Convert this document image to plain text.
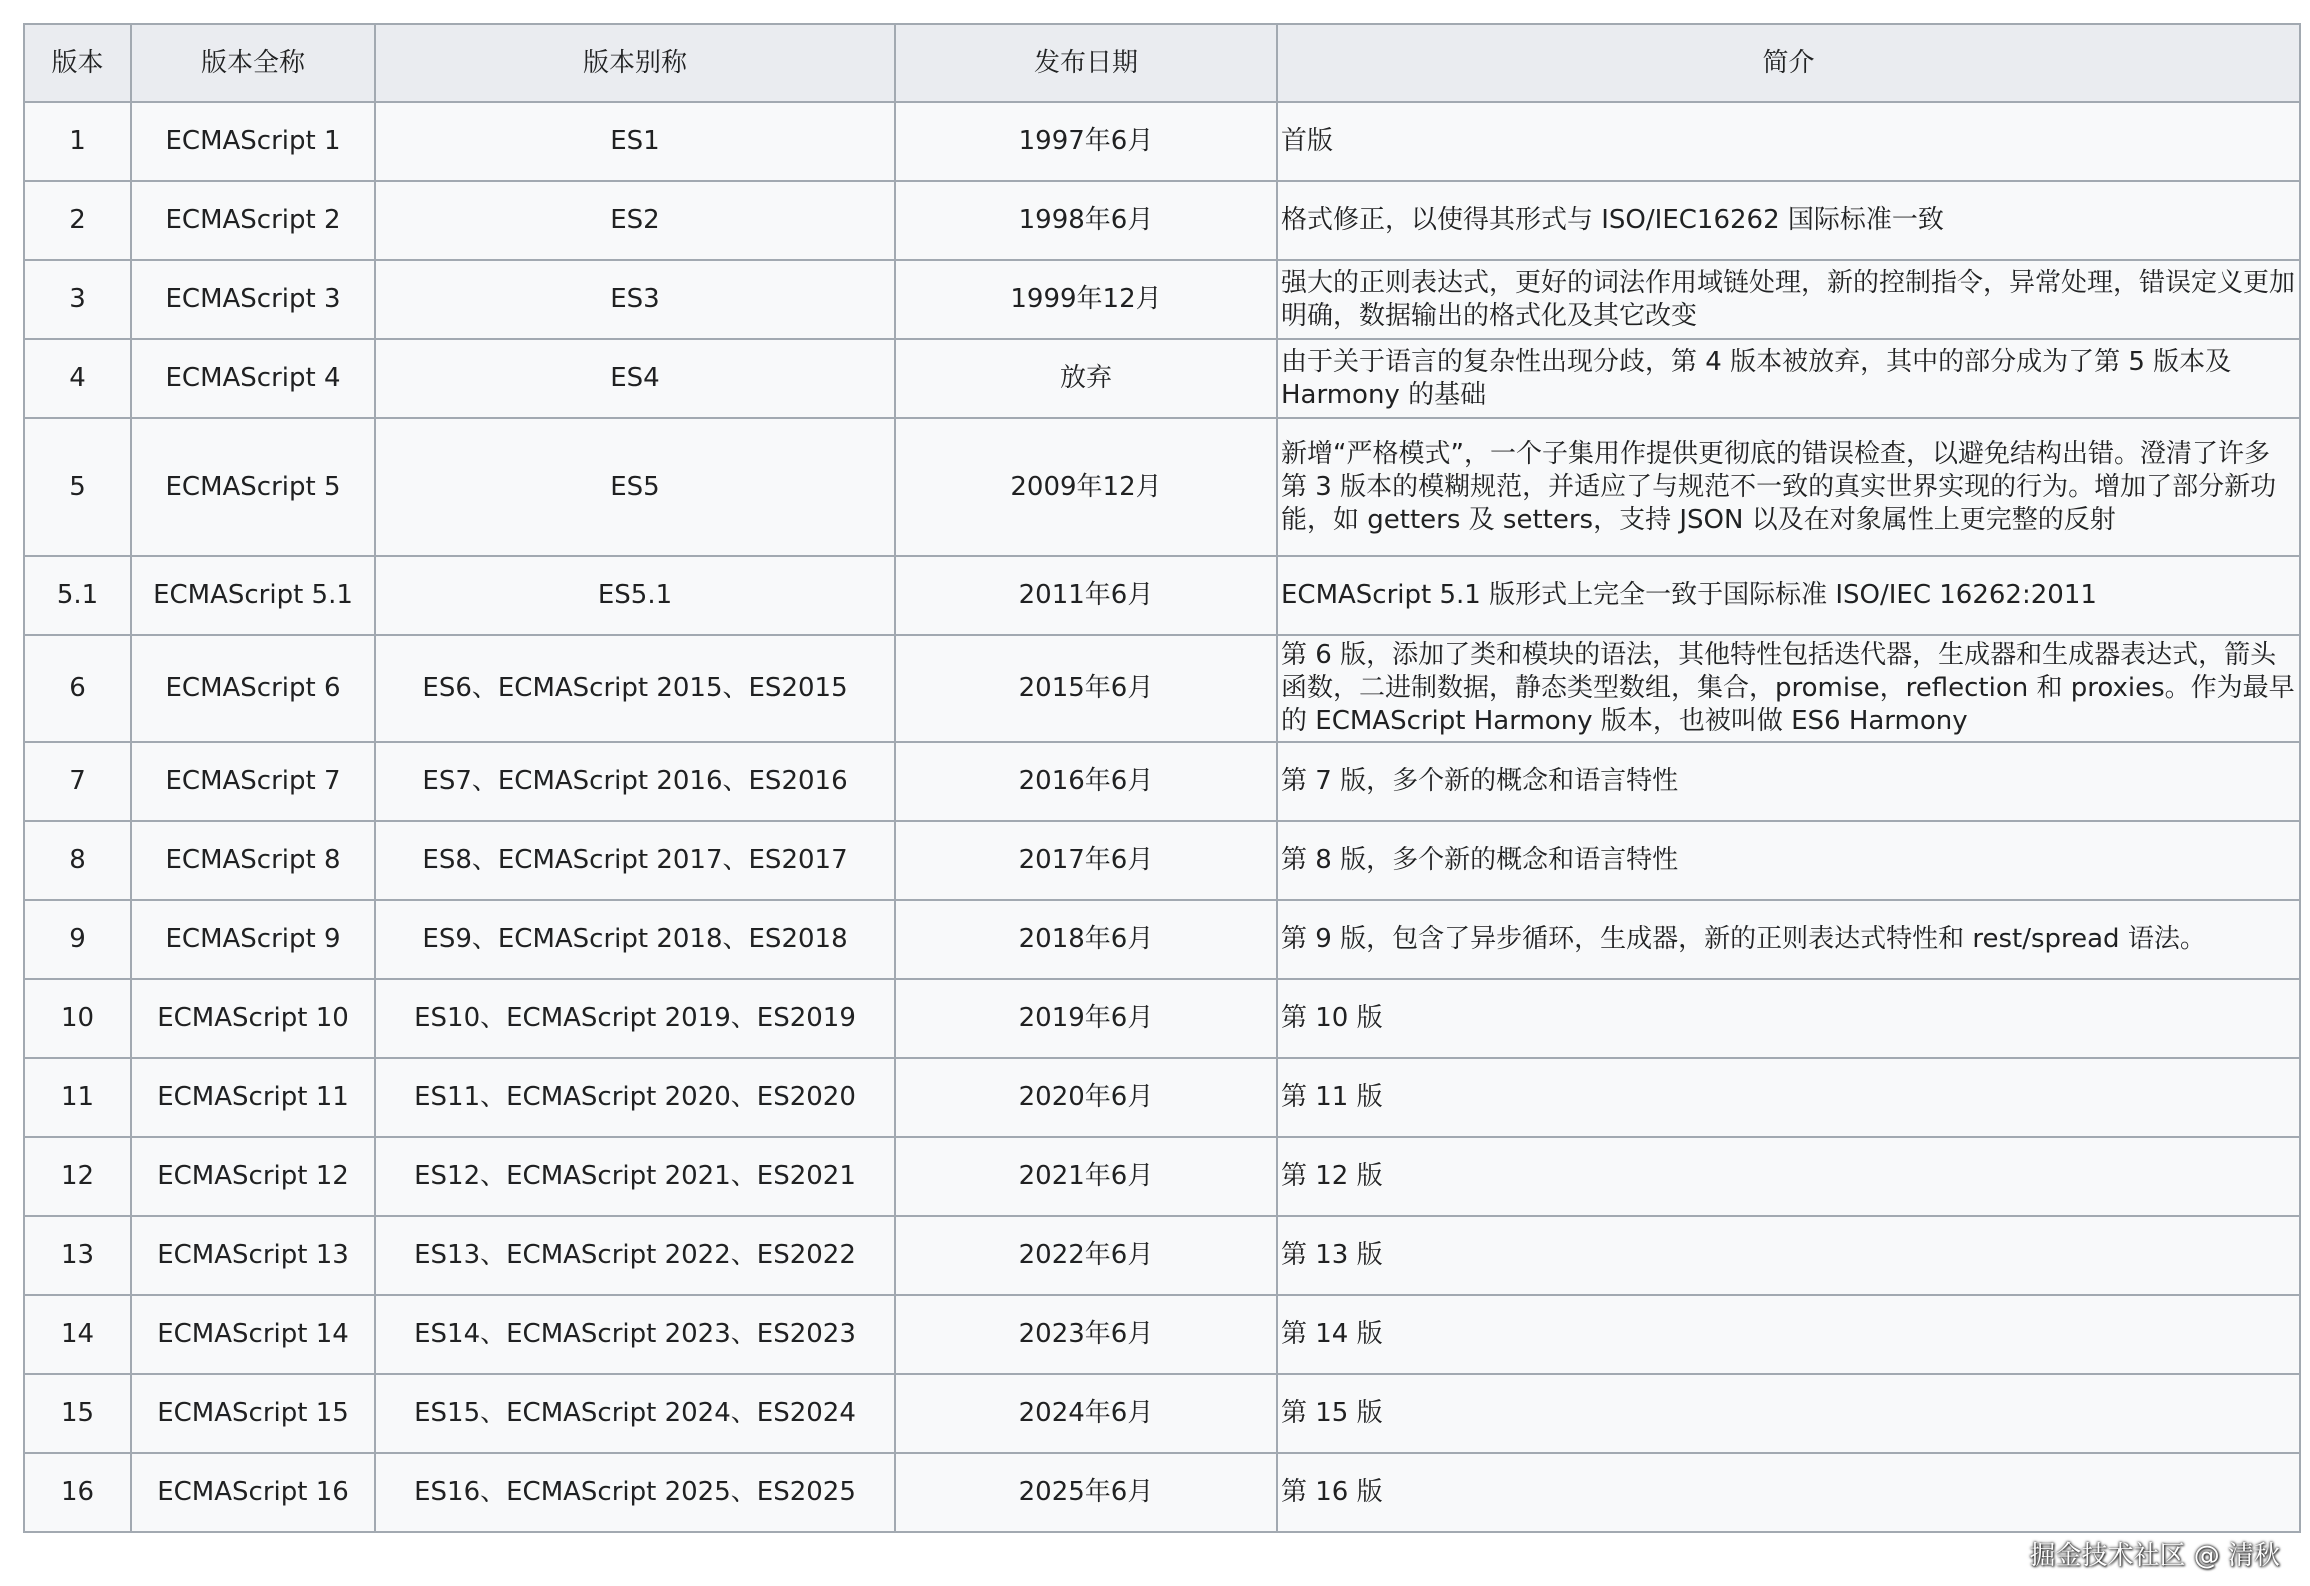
版本	版本全称	版本别称	发布日期	简介
1	ECMAScript 1	ES1	1997年6月	首版
2	ECMAScript 2	ES2	1998年6月	格式修正，以使得其形式与 ISO/IEC16262 国际标准一致
3	ECMAScript 3	ES3	1999年12月	强大的正则表达式，更好的词法作用域链处理，新的控制指令，异常处理，错误定义更加明确，数据输出的格式化及其它改变
4	ECMAScript 4	ES4	放弃	由于关于语言的复杂性出现分歧，第 4 版本被放弃，其中的部分成为了第 5 版本及 Harmony 的基础
5	ECMAScript 5	ES5	2009年12月	新增“严格模式”，一个子集用作提供更彻底的错误检查，以避免结构出错。澄清了许多第 3 版本的模糊规范，并适应了与规范不一致的真实世界实现的行为。增加了部分新功能，如 getters 及 setters，支持 JSON 以及在对象属性上更完整的反射
5.1	ECMAScript 5.1	ES5.1	2011年6月	ECMAScript 5.1 版形式上完全一致于国际标准 ISO/IEC 16262:2011
6	ECMAScript 6	ES6、ECMAScript 2015、ES2015	2015年6月	第 6 版，添加了类和模块的语法，其他特性包括迭代器，生成器和生成器表达式，箭头函数，二进制数据，静态类型数组，集合，promise，reflection 和 proxies。作为最早的 ECMAScript Harmony 版本，也被叫做 ES6 Harmony
7	ECMAScript 7	ES7、ECMAScript 2016、ES2016	2016年6月	第 7 版，多个新的概念和语言特性
8	ECMAScript 8	ES8、ECMAScript 2017、ES2017	2017年6月	第 8 版，多个新的概念和语言特性
9	ECMAScript 9	ES9、ECMAScript 2018、ES2018	2018年6月	第 9 版，包含了异步循环，生成器，新的正则表达式特性和 rest/spread 语法。
10	ECMAScript 10	ES10、ECMAScript 2019、ES2019	2019年6月	第 10 版
11	ECMAScript 11	ES11、ECMAScript 2020、ES2020	2020年6月	第 11 版
12	ECMAScript 12	ES12、ECMAScript 2021、ES2021	2021年6月	第 12 版
13	ECMAScript 13	ES13、ECMAScript 2022、ES2022	2022年6月	第 13 版
14	ECMAScript 14	ES14、ECMAScript 2023、ES2023	2023年6月	第 14 版
15	ECMAScript 15	ES15、ECMAScript 2024、ES2024	2024年6月	第 15 版
16	ECMAScript 16	ES16、ECMAScript 2025、ES2025	2025年6月	第 16 版
掘金技术社区 @ 清秋
